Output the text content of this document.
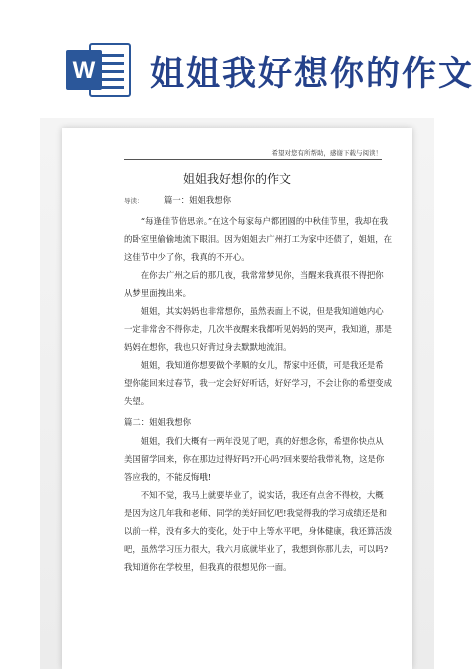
W 姐姐我好想你的作文
希望对您有所帮助，感谢下载与阅读！
姐姐我好想你的作文
导读：	篇一：姐姐我想你

“每逢佳节倍思亲。”在这个每家每户都团圆的中秋佳节里，我却在我的卧室里偷偷地流下眼泪。因为姐姐去广州打工为家中还债了，姐姐，在这佳节中少了你，我真的不开心。

在你去广州之后的那几夜，我常常梦见你，当醒来我真很不得把你从梦里面拽出来。

姐姐，其实妈妈也非常想你，虽然表面上不说，但是我知道她内心一定非常舍不得你走，几次半夜醒来我都听见妈妈的哭声，我知道，那是妈妈在想你，我也只好背过身去默默地流泪。

姐姐，我知道你想要做个孝顺的女儿，帮家中还债，可是我还是希望你能回来过春节，我一定会好好听话，好好学习，不会让你的希望变成失望。

篇二：姐姐我想你

姐姐，我们大概有一两年没见了吧，真的好想念你，希望你快点从美国留学回来，你在那边过得好吗?开心吗?回来要给我带礼物，这是你答应我的，不能反悔哦!

不知不觉，我马上就要毕业了，说实话，我还有点舍不得校，大概是因为这几年我和老师、同学的美好回忆吧!我觉得我的学习成绩还是和以前一样，没有多大的变化，处于中上等水平吧，身体健康，我还算活泼吧，虽然学习压力很大，我六月底就毕业了，我想到你那儿去，可以吗?我知道你在学校里，但我真的很想见你一面。
